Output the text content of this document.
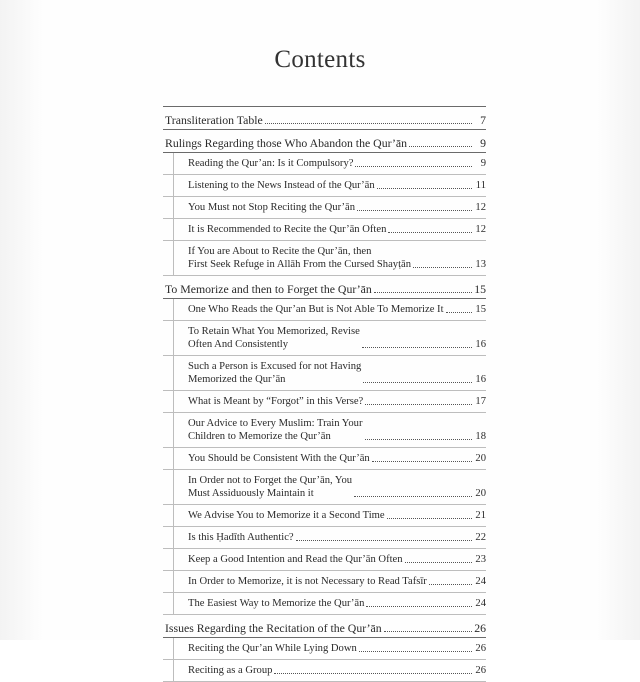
Contents
Transliteration Table	7
Rulings Regarding those Who Abandon the Qur’ān	9
Reading the Qur’an: Is it Compulsory?	9
Listening to the News Instead of the Qur’ān	11
You Must not Stop Reciting the Qur’ān	12
It is Recommended to Recite the Qur’ān Often	12
If You are About to Recite the Qur’ān, then
First Seek Refuge in Allāh From the Cursed Shayṭān	13
To Memorize and then to Forget the Qur’ān	15
One Who Reads the Qur’an But is Not Able To Memorize It	15
To Retain What You Memorized, Revise
Often And Consistently	16
Such a Person is Excused for not Having
Memorized the Qur’ān	16
What is Meant by “Forgot” in this Verse?	17
Our Advice to Every Muslim: Train Your
Children to Memorize the Qur’ān	18
You Should be Consistent With the Qur’ān	20
In Order not to Forget the Qur’ān, You
Must Assiduously Maintain it	20
We Advise You to Memorize it a Second Time	21
Is this Ḥadīth Authentic?	22
Keep a Good Intention and Read the Qur’ān Often	23
In Order to Memorize, it is not Necessary to Read Tafsīr	24
The Easiest Way to Memorize the Qur’ān	24
Issues Regarding the Recitation of the Qur’ān	26
Reciting the Qur’an While Lying Down	26
Reciting as a Group	26
